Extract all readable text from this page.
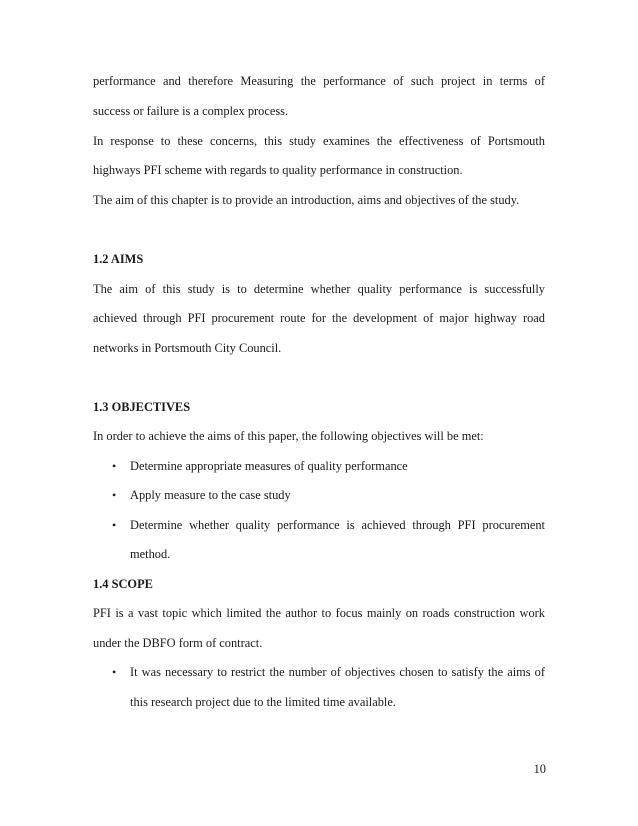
performance and therefore Measuring the performance of such project in terms of
success or failure is a complex process.
In response to these concerns, this study examines the effectiveness of Portsmouth
highways PFI scheme with regards to quality performance in construction.
The aim of this chapter is to provide an introduction, aims and objectives of the study.
1.2 AIMS
The aim of this study is to determine whether quality performance is successfully
achieved through PFI procurement route for the development of major highway road
networks in Portsmouth City Council.
1.3 OBJECTIVES
In order to achieve the aims of this paper, the following objectives will be met:
• Determine appropriate measures of quality performance
• Apply measure to the case study
• Determine whether quality performance is achieved through PFI procurement
method.
1.4 SCOPE
PFI is a vast topic which limited the author to focus mainly on roads construction work
under the DBFO form of contract.
• It was necessary to restrict the number of objectives chosen to satisfy the aims of
this research project due to the limited time available.
10
